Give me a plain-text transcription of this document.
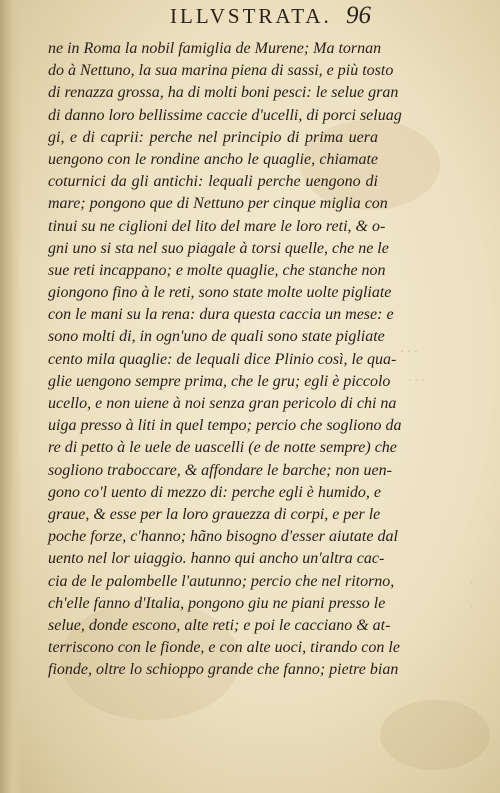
· · ·
· · ·
·
·
ILLVSTRATA. 96
ne in Roma la nobil famiglia de Murene; Ma tornan
do à Nettuno, la sua marina piena di sassi, e più tosto
di renazza grossa, ha di molti boni pesci: le selue gran
di danno loro bellissime caccie d'ucelli, di porci seluag
gi, e di caprii: perche nel principio di prima uera
uengono con le rondine ancho le quaglie, chiamate
coturnici da gli antichi: lequali perche uengono di
mare; pongono que di Nettuno per cinque miglia con
tinui su ne ciglioni del lito del mare le loro reti, & o-
gni uno si sta nel suo piagale à torsi quelle, che ne le
sue reti incappano; e molte quaglie, che stanche non
giongono fino à le reti, sono state molte uolte pigliate
con le mani su la rena: dura questa caccia un mese: e
sono molti di, in ogn'uno de quali sono state pigliate
cento mila quaglie: de lequali dice Plinio così, le qua-
glie uengono sempre prima, che le gru; egli è piccolo
ucello, e non uiene à noi senza gran pericolo di chi na
uiga presso à liti in quel tempo; percio che sogliono da
re di petto à le uele de uascelli (e de notte sempre) che
sogliono traboccare, & affondare le barche; non uen-
gono co'l uento di mezzo di: perche egli è humido, e
graue, & esse per la loro grauezza di corpi, e per le
poche forze, c'hanno; hãno bisogno d'esser aiutate dal
uento nel lor uiaggio. hanno qui ancho un'altra cac-
cia de le palombelle l'autunno; percio che nel ritorno,
ch'elle fanno d'Italia, pongono giu ne piani presso le
selue, donde escono, alte reti; e poi le cacciano & at-
terriscono con le fionde, e con alte uoci, tirando con le
fionde, oltre lo schioppo grande che fanno; pietre bian
